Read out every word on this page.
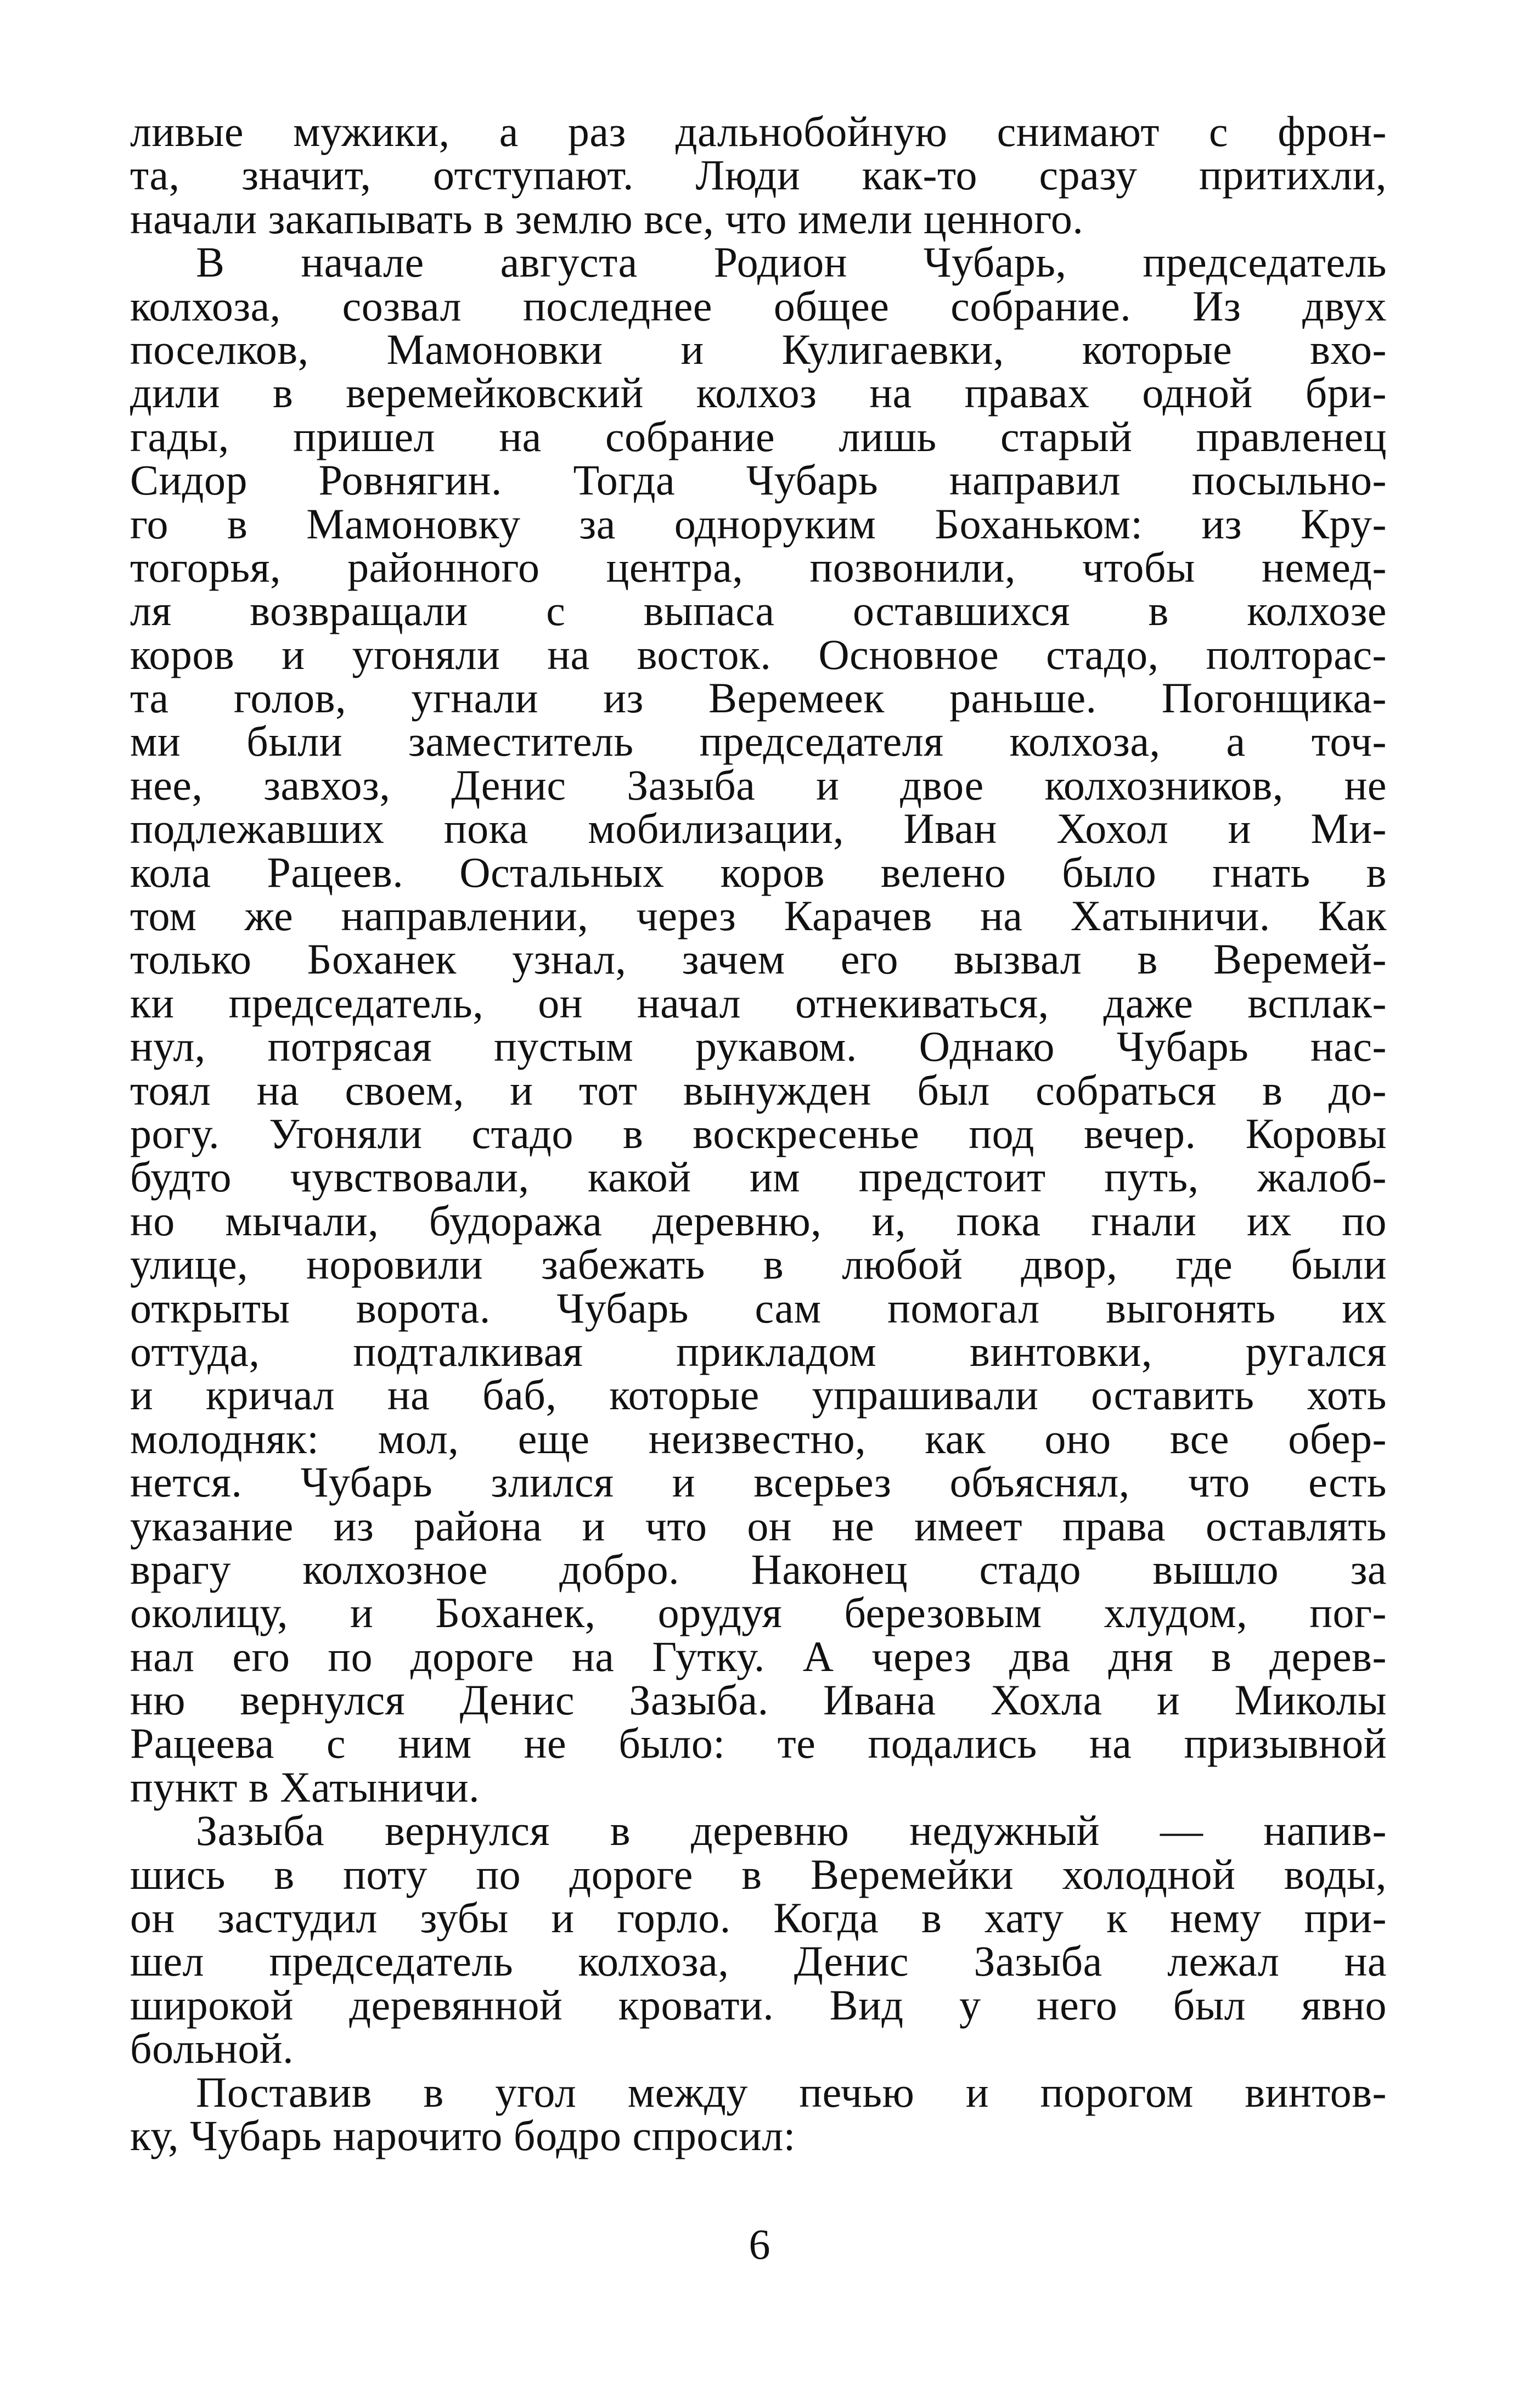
ливые мужики, а раз дальнобойную снимают с фрон-
та, значит, отступают. Люди как-то сразу притихли,
начали закапывать в землю все, что имели ценного.
В начале августа Родион Чубарь, председатель
колхоза, созвал последнее общее собрание. Из двух
поселков, Мамоновки и Кулигаевки, которые вхо-
дили в веремейковский колхоз на правах одной бри-
гады, пришел на собрание лишь старый правленец
Сидор Ровнягин. Тогда Чубарь направил посыльно-
го в Мамоновку за одноруким Боханьком: из Кру-
тогорья, районного центра, позвонили, чтобы немед-
ля возвращали с выпаса оставшихся в колхозе
коров и угоняли на восток. Основное стадо, полторас-
та голов, угнали из Веремеек раньше. Погонщика-
ми были заместитель председателя колхоза, а точ-
нее, завхоз, Денис Зазыба и двое колхозников, не
подлежавших пока мобилизации, Иван Хохол и Ми-
кола Рацеев. Остальных коров велено было гнать в
том же направлении, через Карачев на Хатыничи. Как
только Боханек узнал, зачем его вызвал в Веремей-
ки председатель, он начал отнекиваться, даже всплак-
нул, потрясая пустым рукавом. Однако Чубарь нас-
тоял на своем, и тот вынужден был собраться в до-
рогу. Угоняли стадо в воскресенье под вечер. Коровы
будто чувствовали, какой им предстоит путь, жалоб-
но мычали, будоража деревню, и, пока гнали их по
улице, норовили забежать в любой двор, где были
открыты ворота. Чубарь сам помогал выгонять их
оттуда, подталкивая прикладом винтовки, ругался
и кричал на баб, которые упрашивали оставить хоть
молодняк: мол, еще неизвестно, как оно все обер-
нется. Чубарь злился и всерьез объяснял, что есть
указание из района и что он не имеет права оставлять
врагу колхозное добро. Наконец стадо вышло за
околицу, и Боханек, орудуя березовым хлудом, пог-
нал его по дороге на Гутку. А через два дня в дерев-
ню вернулся Денис Зазыба. Ивана Хохла и Миколы
Рацеева с ним не было: те подались на призывной
пункт в Хатыничи.
Зазыба вернулся в деревню недужный — напив-
шись в поту по дороге в Веремейки холодной воды,
он застудил зубы и горло. Когда в хату к нему при-
шел председатель колхоза, Денис Зазыба лежал на
широкой деревянной кровати. Вид у него был явно
больной.
Поставив в угол между печью и порогом винтов-
ку, Чубарь нарочито бодро спросил:
6
